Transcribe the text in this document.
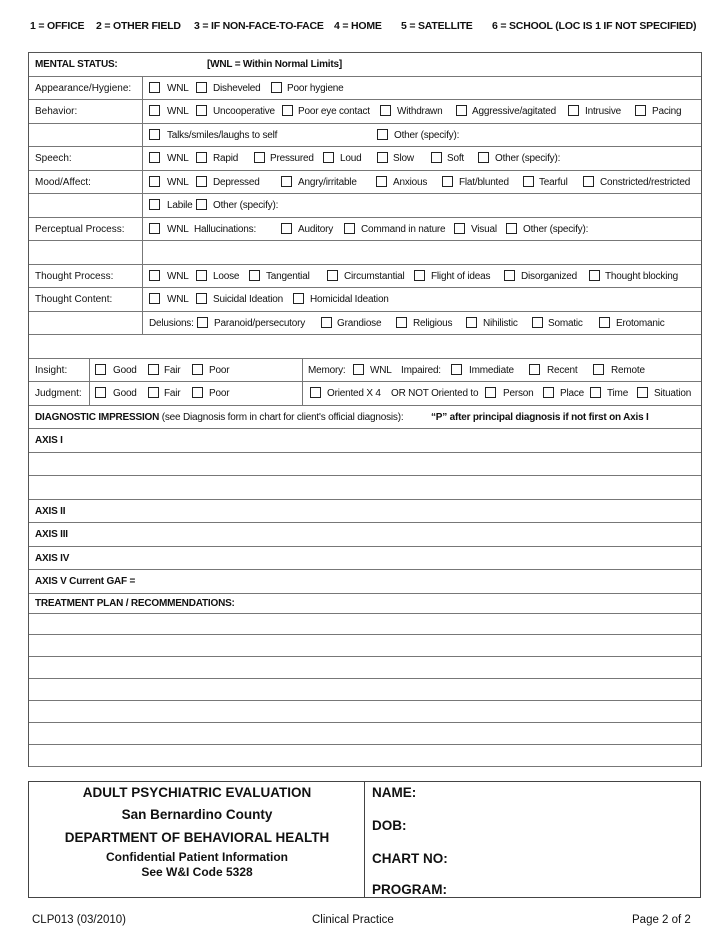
1 = OFFICE 2 = OTHER FIELD 3 = IF NON-FACE-TO-FACE 4 = HOME 5 = SATELLITE 6 = SCHOOL (LOC IS 1 IF NOT SPECIFIED)
MENTAL STATUS:	[WNL = Within Normal Limits]
Appearance/Hygiene:	WNL Disheveled	Poor hygiene
Behavior:	WNL Uncooperative Poor eye contact	Withdrawn	Aggressive/agitated	Intrusive	Pacing
Talks/smiles/laughs to self	Other (specify):
Speech:	WNL Rapid	Pressured	Loud	Slow	Soft	Other (specify):
Mood/Affect:	WNL Depressed	Angry/irritable	Anxious	Flat/blunted	Tearful	Constricted/restricted
Labile Other (specify):
Perceptual Process:	WNL Hallucinations:	Auditory	Command in nature	Visual	Other (specify):
Thought Process:	WNL Loose	Tangential	Circumstantial	Flight of ideas	Disorganized	Thought blocking
Thought Content:	WNL Suicidal Ideation	Homicidal Ideation
Delusions: Paranoid/persecutory	Grandiose	Religious	Nihilistic	Somatic	Erotomanic
Insight:	Good	Fair	Poor	Memory: WNL Impaired:	Immediate	Recent	Remote
Judgment:	Good	Fair	Poor	Oriented X 4 OR NOT Oriented to Person	Place Time	Situation
DIAGNOSTIC IMPRESSION (see Diagnosis form in chart for client's official diagnosis):	“P” after principal diagnosis if not first on Axis I
AXIS I
AXIS II
AXIS III
AXIS IV
AXIS V Current GAF =
TREATMENT PLAN / RECOMMENDATIONS:
ADULT PSYCHIATRIC EVALUATION
San Bernardino County
DEPARTMENT OF BEHAVIORAL HEALTH
Confidential Patient Information
See W&I Code 5328
NAME:
DOB:
CHART NO:
PROGRAM:
CLP013 (03/2010)	Clinical Practice	Page 2 of 2
